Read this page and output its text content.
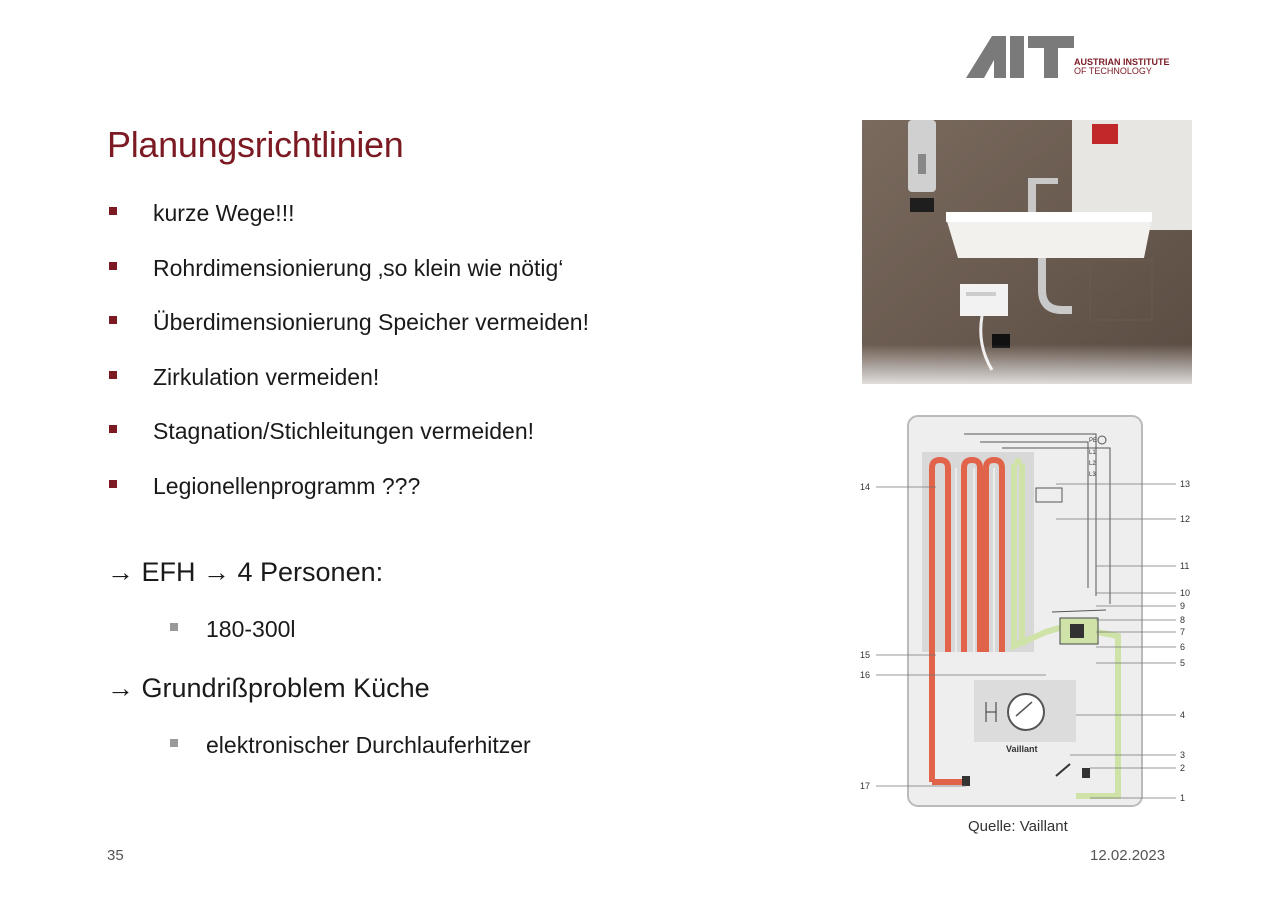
AUSTRIAN INSTITUTE
OF TECHNOLOGY
Planungsrichtlinien
kurze Wege!!!
Rohrdimensionierung ‚so klein wie nötig‘
Überdimensionierung Speicher vermeiden!
Zirkulation vermeiden!
Stagnation/Stichleitungen vermeiden!
Legionellenprogramm ???
→ EFH → 4 Personen:
180-300l
→ Grundrißproblem Küche
elektronischer Durchlauferhitzer	Vaillant
PE
L1
L2
L3
14
15
16
17
13
12
11
10
9
8
7
6
5
4
3
2
1
Quelle: Vaillant
35	12.02.2023
